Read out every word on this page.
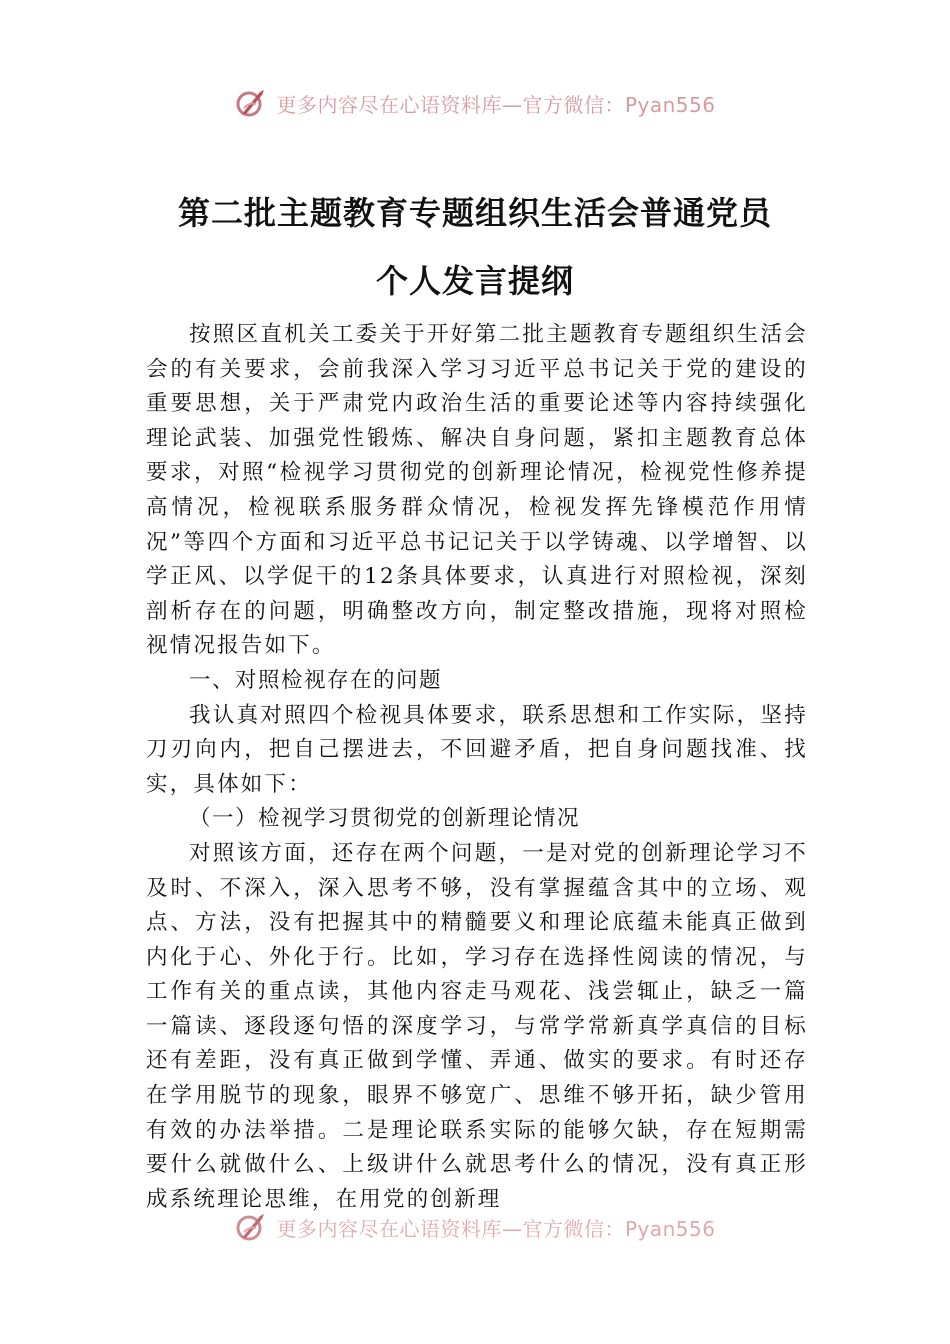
更多内容尽在心语资料库—官方微信：Pyan556
第二批主题教育专题组织生活会普通党员
个人发言提纲

按照区直机关工委关于开好第二批主题教育专题组织生活会会的有关要求，会前我深入学习习近平总书记关于党的建设的重要思想，关于严肃党内政治生活的重要论述等内容持续强化理论武装、加强党性锻炼、解决自身问题，紧扣主题教育总体要求，对照“检视学习贯彻党的创新理论情况，检视党性修养提高情况，检视联系服务群众情况，检视发挥先锋模范作用情况”等四个方面和习近平总书记记关于以学铸魂、以学增智、以学正风、以学促干的12条具体要求，认真进行对照检视，深刻剖析存在的问题，明确整改方向，制定整改措施，现将对照检视情况报告如下。

一、对照检视存在的问题

我认真对照四个检视具体要求，联系思想和工作实际，坚持刀刃向内，把自己摆进去，不回避矛盾，把自身问题找准、找实，具体如下：

（一）检视学习贯彻党的创新理论情况

对照该方面，还存在两个问题，一是对党的创新理论学习不及时、不深入，深入思考不够，没有掌握蕴含其中的立场、观点、方法，没有把握其中的精髓要义和理论底蕴未能真正做到内化于心、外化于行。比如，学习存在选择性阅读的情况，与工作有关的重点读，其他内容走马观花、浅尝辄止，缺乏一篇一篇读、逐段逐句悟的深度学习，与常学常新真学真信的目标还有差距，没有真正做到学懂、弄通、做实的要求。有时还存在学用脱节的现象，眼界不够宽广、思维不够开拓，缺少管用有效的办法举措。二是理论联系实际的能够欠缺，存在短期需要什么就做什么、上级讲什么就思考什么的情况，没有真正形成系统理论思维，在用党的创新理

更多内容尽在心语资料库—官方微信：Pyan556
